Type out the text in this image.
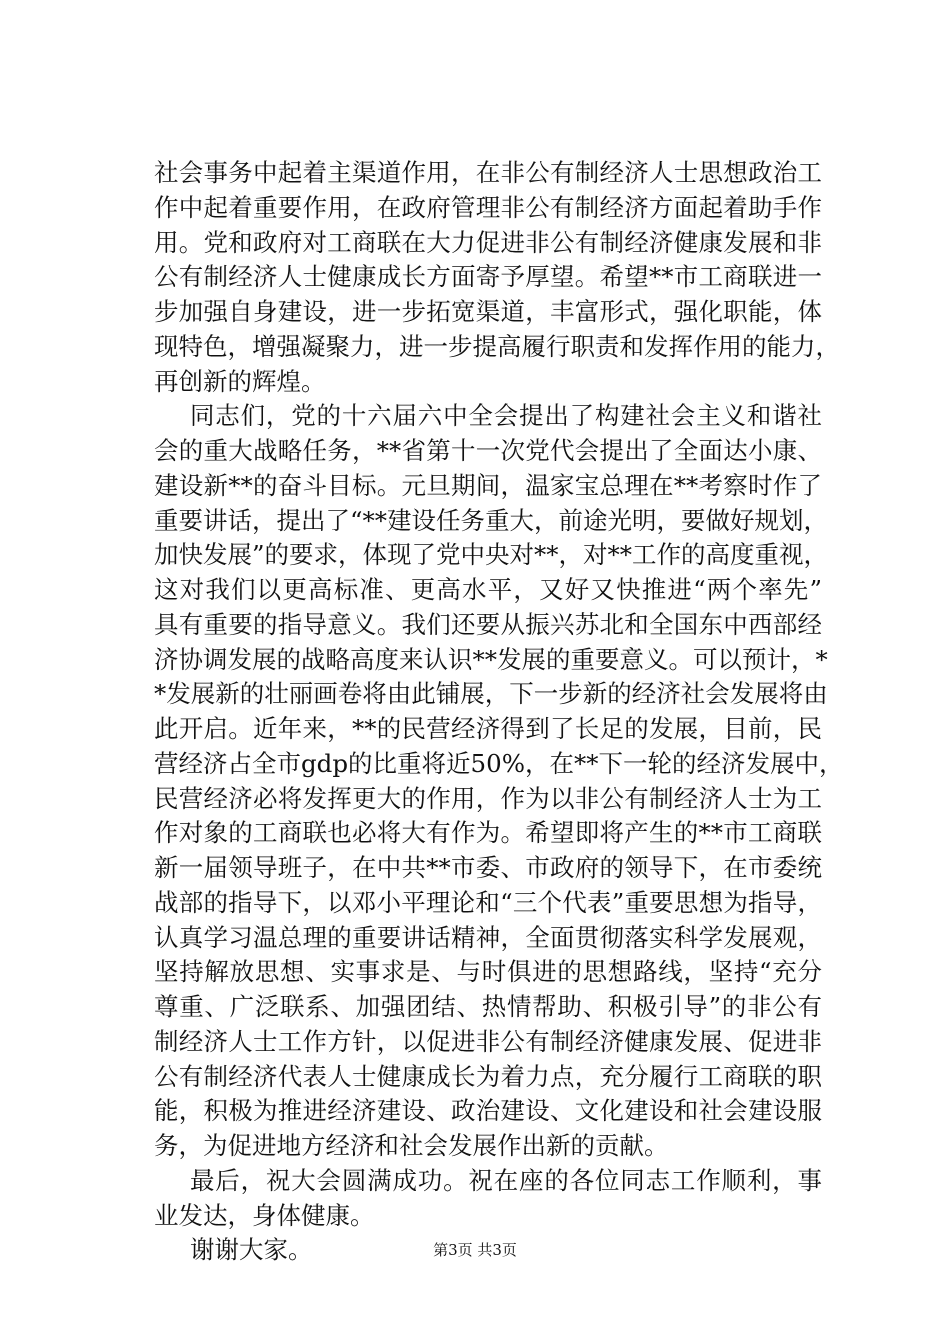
社会事务中起着主渠道作用，在非公有制经济人士思想政治工
作中起着重要作用，在政府管理非公有制经济方面起着助手作
用。党和政府对工商联在大力促进非公有制经济健康发展和非
公有制经济人士健康成长方面寄予厚望。希望**市工商联进一
步加强自身建设，进一步拓宽渠道，丰富形式，强化职能，体
现特色，增强凝聚力，进一步提高履行职责和发挥作用的能力，
再创新的辉煌。
同志们，党的十六届六中全会提出了构建社会主义和谐社
会的重大战略任务，**省第十一次党代会提出了全面达小康、
建设新**的奋斗目标。元旦期间，温家宝总理在**考察时作了
重要讲话，提出了“**建设任务重大，前途光明，要做好规划，
加快发展”的要求，体现了党中央对**，对**工作的高度重视，
这对我们以更高标准、更高水平，又好又快推进“两个率先”
具有重要的指导意义。我们还要从振兴苏北和全国东中西部经
济协调发展的战略高度来认识**发展的重要意义。可以预计，*
*发展新的壮丽画卷将由此铺展，下一步新的经济社会发展将由
此开启。近年来，**的民营经济得到了长足的发展，目前，民
营经济占全市gdp的比重将近50%，在**下一轮的经济发展中，
民营经济必将发挥更大的作用，作为以非公有制经济人士为工
作对象的工商联也必将大有作为。希望即将产生的**市工商联
新一届领导班子，在中共**市委、市政府的领导下，在市委统
战部的指导下，以邓小平理论和“三个代表”重要思想为指导，
认真学习温总理的重要讲话精神，全面贯彻落实科学发展观，
坚持解放思想、实事求是、与时俱进的思想路线，坚持“充分
尊重、广泛联系、加强团结、热情帮助、积极引导”的非公有
制经济人士工作方针，以促进非公有制经济健康发展、促进非
公有制经济代表人士健康成长为着力点，充分履行工商联的职
能，积极为推进经济建设、政治建设、文化建设和社会建设服
务，为促进地方经济和社会发展作出新的贡献。
最后，祝大会圆满成功。祝在座的各位同志工作顺利，事
业发达，身体健康。
谢谢大家。	第3页 共3页
